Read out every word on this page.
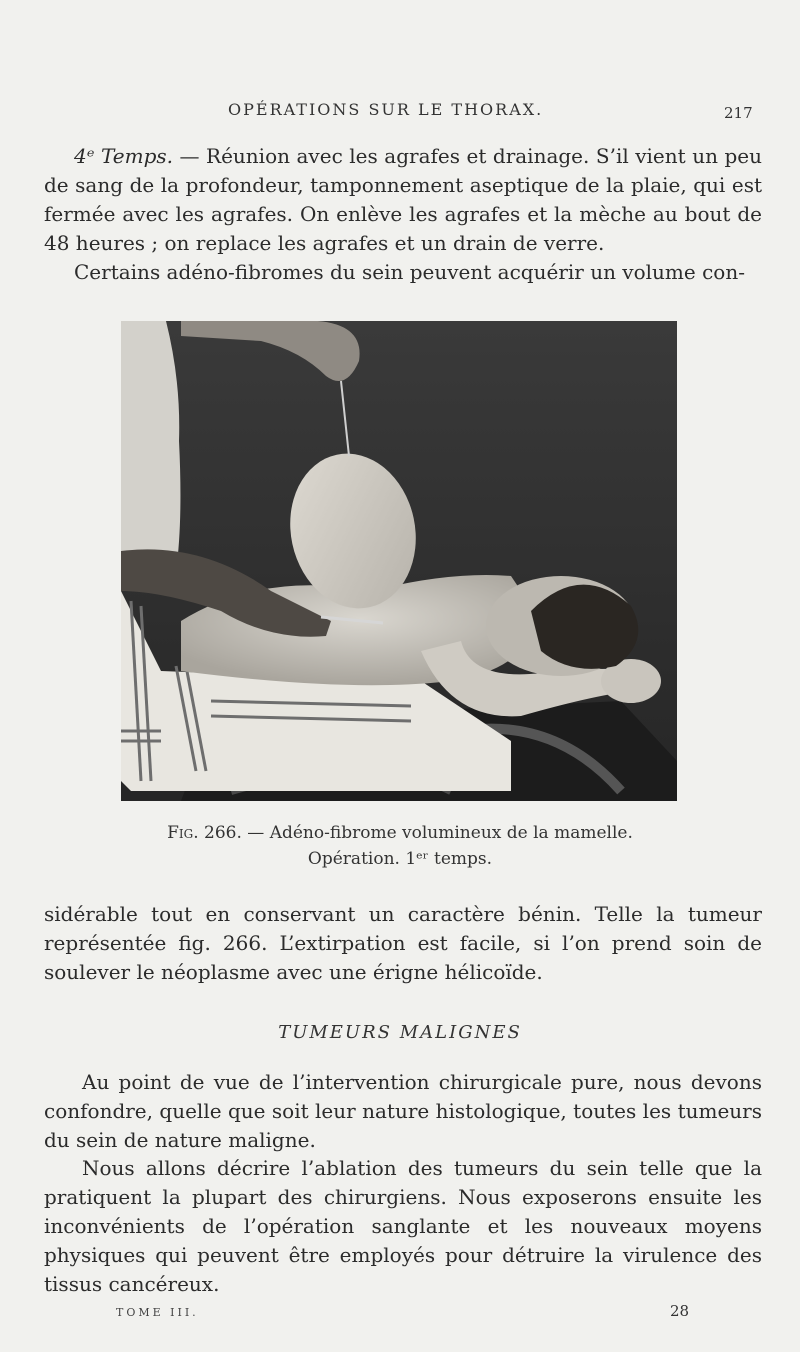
OPÉRATIONS SUR LE THORAX.	217

4ᵉ Temps. — Réunion avec les agrafes et drainage. S’il vient un peu de sang de la profondeur, tamponnement aseptique de la plaie, qui est fermée avec les agrafes. On enlève les agrafes et la mèche au bout de 48 heures ; on replace les agrafes et un drain de verre.

Certains adéno-fibromes du sein peuvent acquérir un volume con-

Fig. 266. — Adéno-fibrome volumineux de la mamelle.
Opération. 1ᵉʳ temps.

sidérable tout en conservant un caractère bénin. Telle la tumeur représentée fig. 266. L’extirpation est facile, si l’on prend soin de soulever le néoplasme avec une érigne hélicoïde.

TUMEURS MALIGNES

Au point de vue de l’intervention chirurgicale pure, nous devons confondre, quelle que soit leur nature histologique, toutes les tumeurs du sein de nature maligne.

Nous allons décrire l’ablation des tumeurs du sein telle que la pratiquent la plupart des chirurgiens. Nous exposerons ensuite les inconvénients de l’opération sanglante et les nouveaux moyens physiques qui peuvent être employés pour détruire la virulence des tissus cancéreux.

TOME III.	28
